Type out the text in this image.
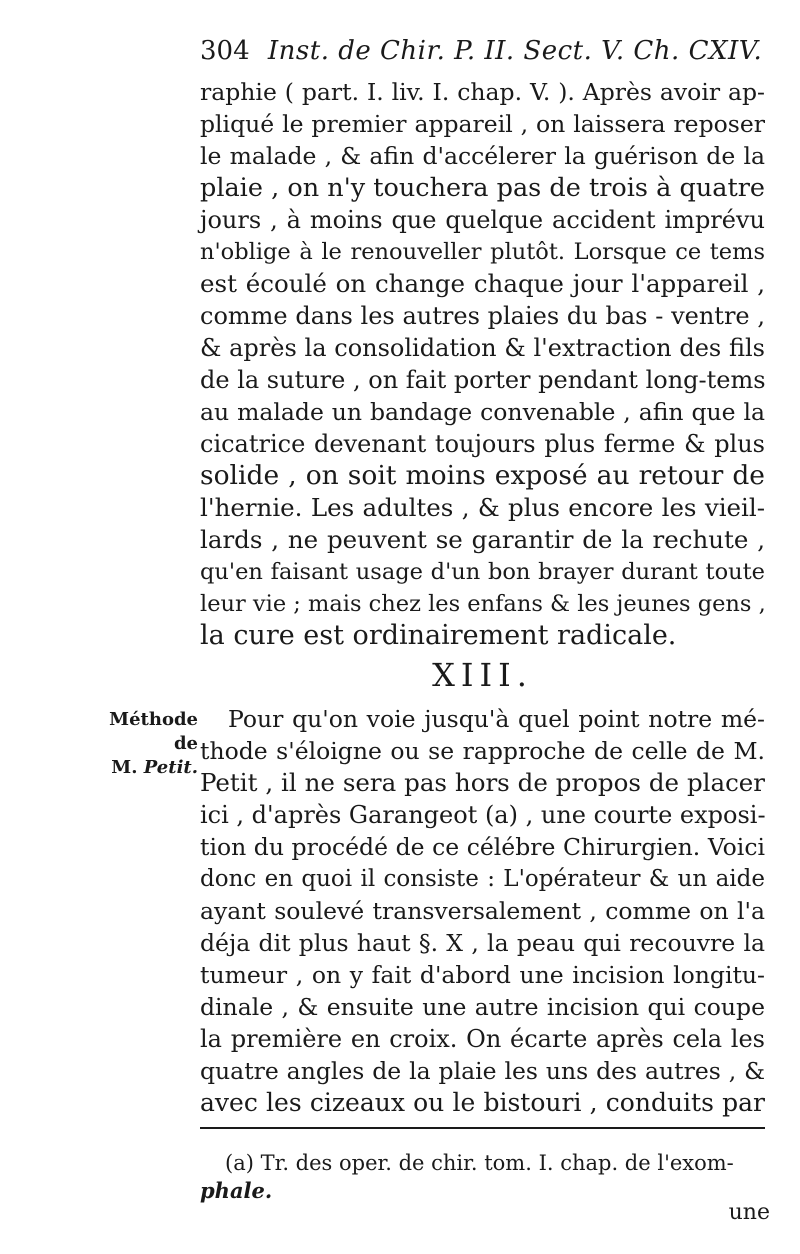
304 Inst. de Chir. P. II. Sect. V. Ch. CXIV.
raphie ( part. I. liv. I. chap. V. ). Après avoir ap-
pliqué le premier appareil , on laissera reposer
le malade , & afin d'accélerer la guérison de la
plaie , on n'y touchera pas de trois à quatre
jours , à moins que quelque accident imprévu
n'oblige à le renouveller plutôt. Lorsque ce tems
est écoulé on change chaque jour l'appareil ,
comme dans les autres plaies du bas - ventre ,
& après la consolidation & l'extraction des fils
de la suture , on fait porter pendant long-tems
au malade un bandage convenable , afin que la
cicatrice devenant toujours plus ferme & plus
solide , on soit moins exposé au retour de
l'hernie. Les adultes , & plus encore les vieil-
lards , ne peuvent se garantir de la rechute ,
qu'en faisant usage d'un bon brayer durant toute
leur vie ; mais chez les enfans & les jeunes gens ,
la cure est ordinairement radicale.
XIII.
Méthode de
M. Petit.
Pour qu'on voie jusqu'à quel point notre mé-
thode s'éloigne ou se rapproche de celle de M.
Petit , il ne sera pas hors de propos de placer
ici , d'après Garangeot (a) , une courte exposi-
tion du procédé de ce célébre Chirurgien. Voici
donc en quoi il consiste : L'opérateur & un aide
ayant soulevé transversalement , comme on l'a
déja dit plus haut §. X , la peau qui recouvre la
tumeur , on y fait d'abord une incision longitu-
dinale , & ensuite une autre incision qui coupe
la première en croix. On écarte après cela les
quatre angles de la plaie les uns des autres , &
avec les cizeaux ou le bistouri , conduits par
(a) Tr. des oper. de chir. tom. I. chap. de l'exom-
phale.
une
